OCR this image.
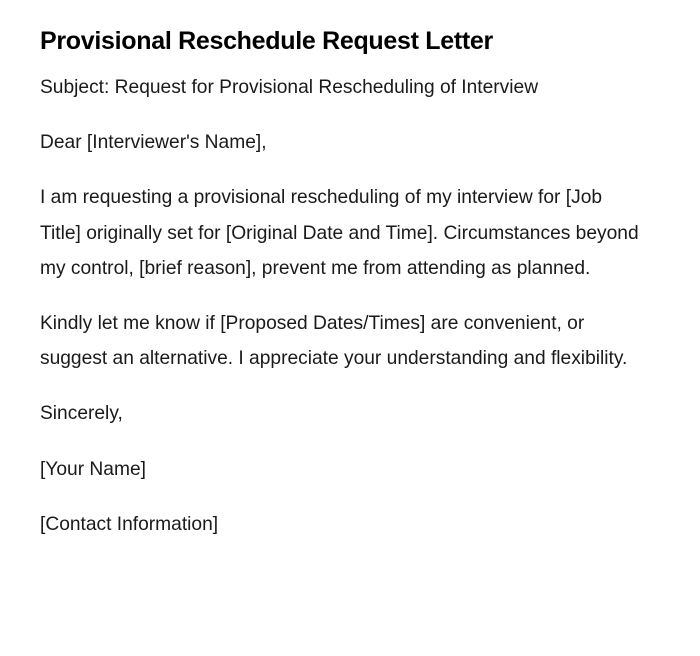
Provisional Reschedule Request Letter

Subject: Request for Provisional Rescheduling of Interview

Dear [Interviewer's Name],

I am requesting a provisional rescheduling of my interview for [Job Title] originally set for [Original Date and Time]. Circumstances beyond my control, [brief reason], prevent me from attending as planned.

Kindly let me know if [Proposed Dates/Times] are convenient, or suggest an alternative. I appreciate your understanding and flexibility.

Sincerely,

[Your Name]

[Contact Information]
